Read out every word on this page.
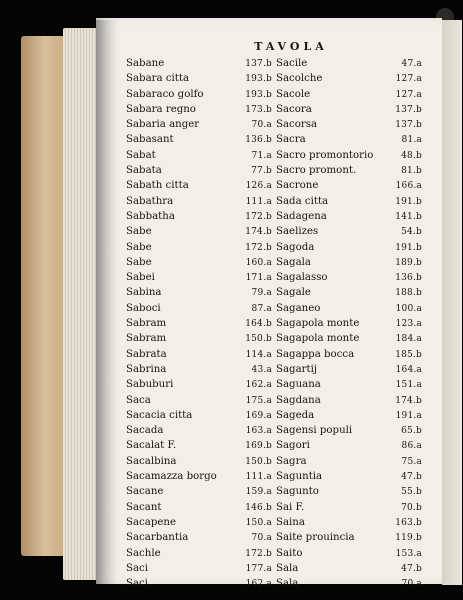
TAVOLA
Sabane	137.b
Sabara citta	193.b
Sabaraco golfo	193.b
Sabara regno	173.b
Sabaria anger	70.a
Sabasant	136.b
Sabat	71.a
Sabata	77.b
Sabath citta	126.a
Sabathra	111.a
Sabbatha	172.b
Sabe	174.b
Sabe	172.b
Sabe	160.a
Sabei	171.a
Sabina	79.a
Saboci	87.a
Sabram	164.b
Sabram	150.b
Sabrata	114.a
Sabrina	43.a
Sabuburi	162.a
Saca	175.a
Sacacia citta	169.a
Sacada	163.a
Sacalat F.	169.b
Sacalbina	150.b
Sacamazza borgo	111.a
Sacane	159.a
Sacant	146.b
Sacapene	150.a
Sacarbantia	70.a
Sachle	172.b
Saci	177.a
Saci	162.a
Sacile	47.a
Sacolche	127.a
Sacole	127.a
Sacora	137.b
Sacorsa	137.b
Sacra	81.a
Sacro promontorio	48.b
Sacro promont.	81.b
Sacrone	166.a
Sada citta	191.b
Sadagena	141.b
Saelizes	54.b
Sagoda	191.b
Sagala	189.b
Sagalasso	136.b
Sagale	188.b
Saganeo	100.a
Sagapola monte	123.a
Sagapola monte	184.a
Sagappa bocca	185.b
Sagartij	164.a
Saguana	151.a
Sagdana	174.b
Sageda	191.a
Sagensi populi	65.b
Sagori	86.a
Sagra	75.a
Saguntia	47.b
Sagunto	55.b
Sai F.	70.b
Saina	163.b
Saite prouincia	119.b
Saito	153.a
Sala	47.b
Sala	70.a
